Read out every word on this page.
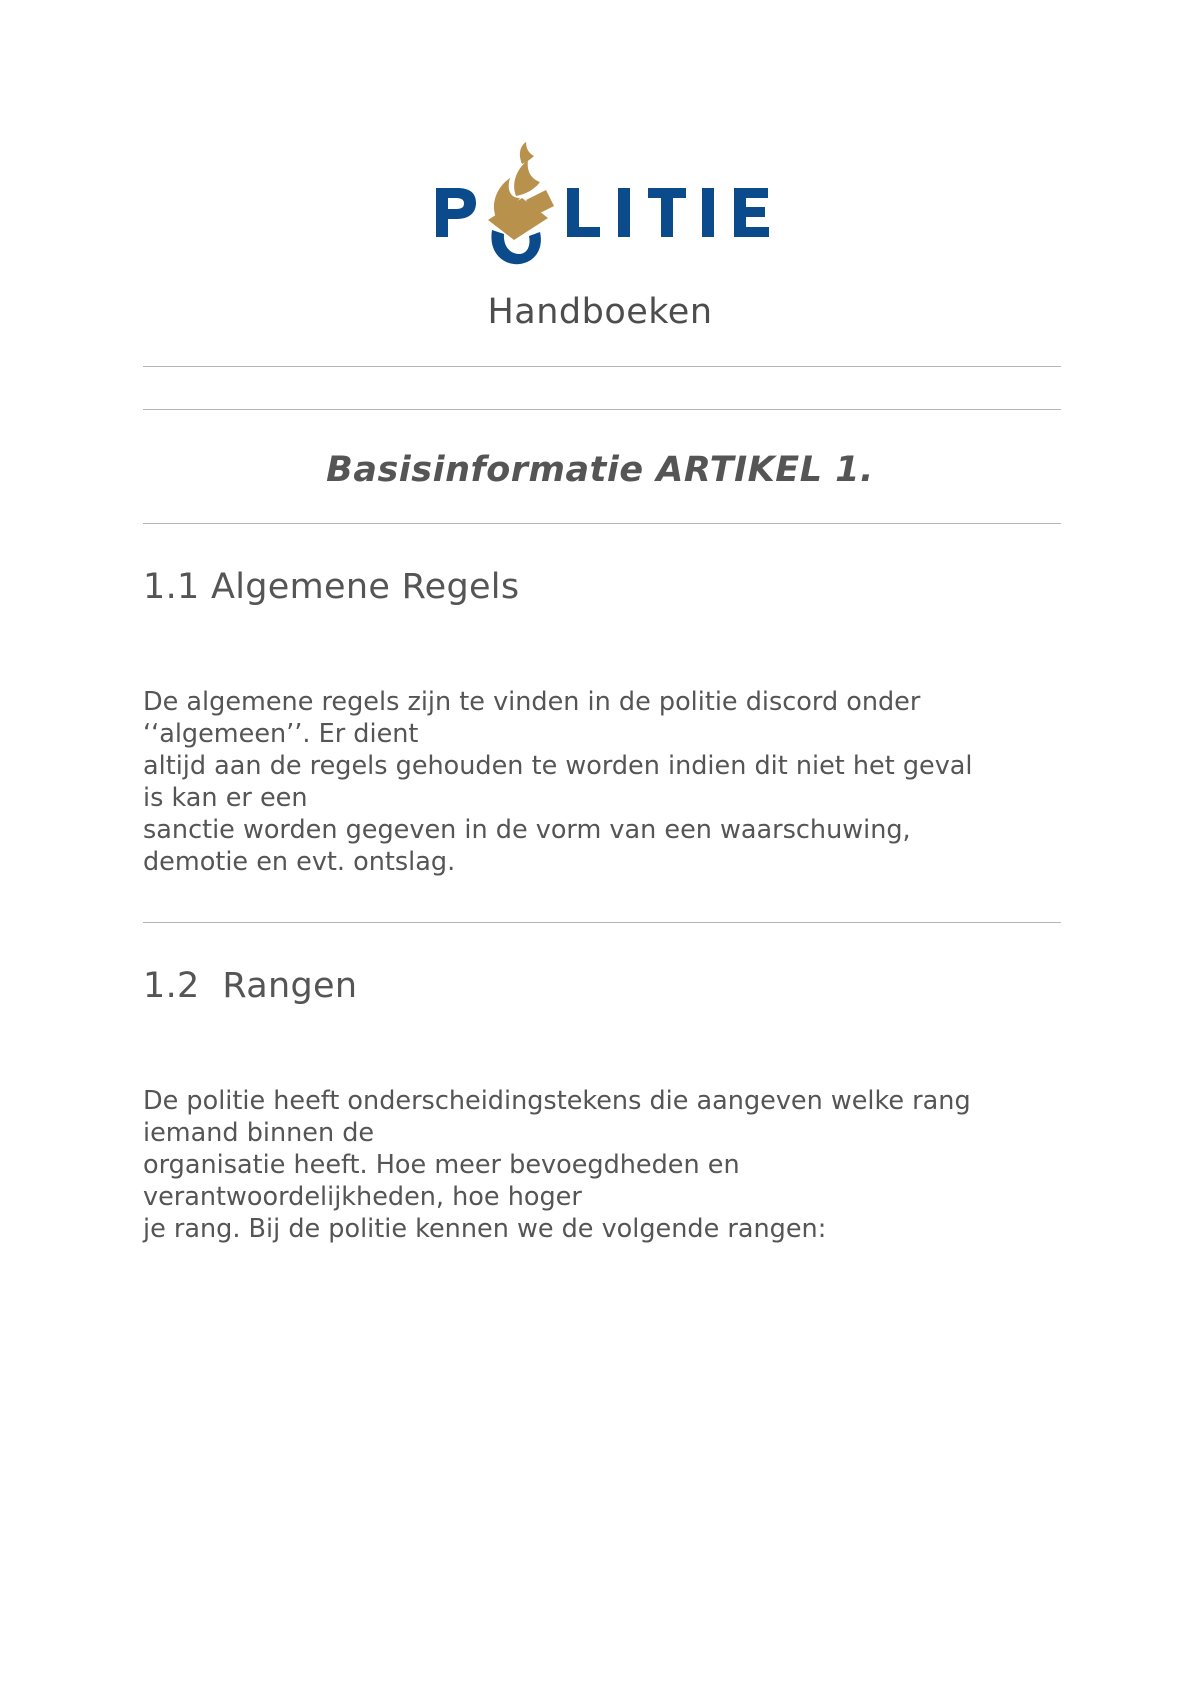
Handboeken
Basisinformatie ARTIKEL 1.
1.1 Algemene Regels
De algemene regels zijn te vinden in de politie discord onder
‘‘algemeen’’. Er dient
altijd aan de regels gehouden te worden indien dit niet het geval
is kan er een
sanctie worden gegeven in de vorm van een waarschuwing,
demotie en evt. ontslag.
1.2  Rangen
De politie heeft onderscheidingstekens die aangeven welke rang
iemand binnen de
organisatie heeft. Hoe meer bevoegdheden en
verantwoordelijkheden, hoe hoger
je rang. Bij de politie kennen we de volgende rangen:
